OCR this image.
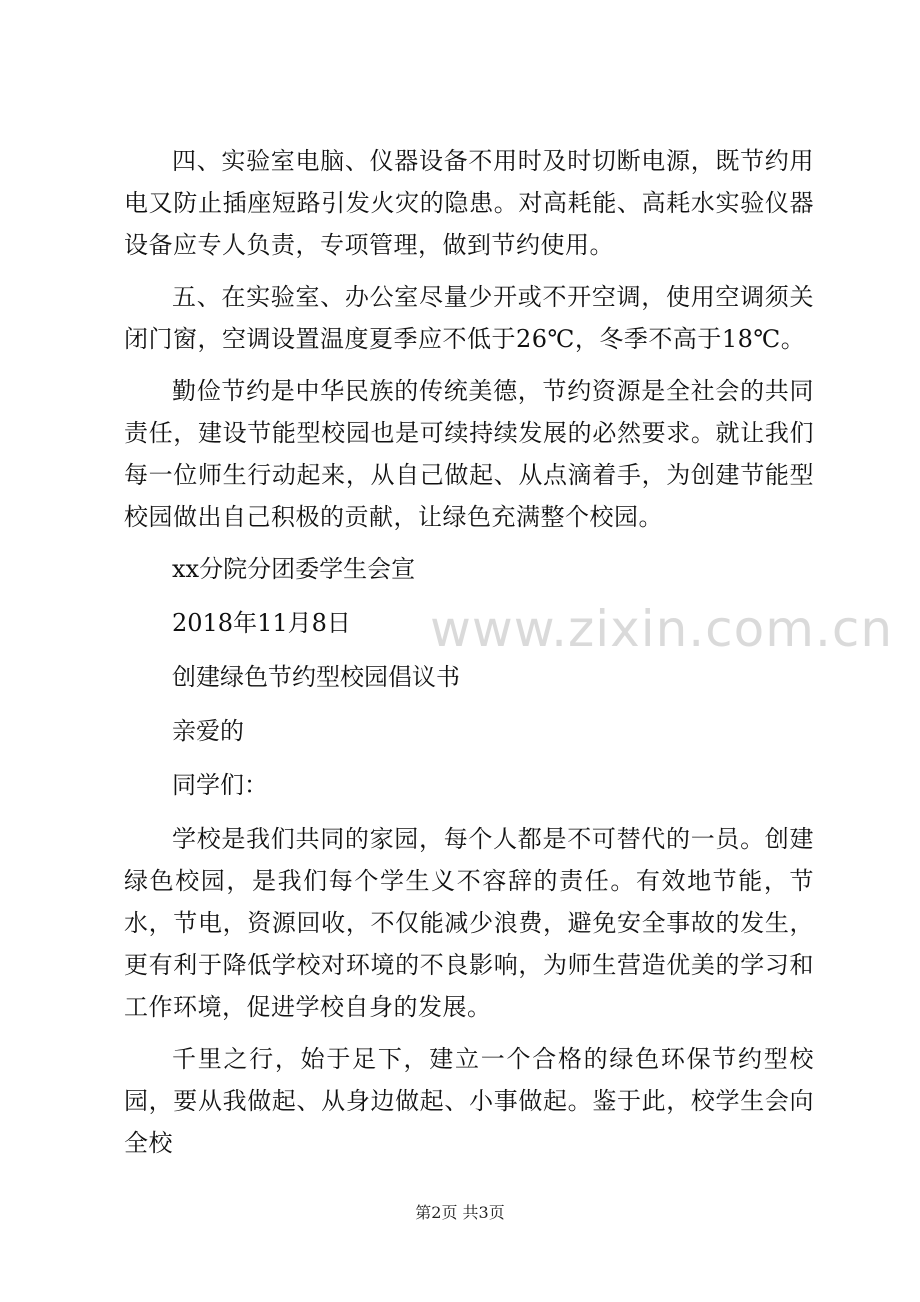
四、实验室电脑、仪器设备不用时及时切断电源，既节约用电又防止插座短路引发火灾的隐患。对高耗能、高耗水实验仪器设备应专人负责，专项管理，做到节约使用。

五、在实验室、办公室尽量少开或不开空调，使用空调须关闭门窗，空调设置温度夏季应不低于26℃，冬季不高于18℃。

勤俭节约是中华民族的传统美德，节约资源是全社会的共同责任，建设节能型校园也是可续持续发展的必然要求。就让我们每一位师生行动起来，从自己做起、从点滴着手，为创建节能型校园做出自己积极的贡献，让绿色充满整个校园。

xx分院分团委学生会宣
2018年11月8日
创建绿色节约型校园倡议书
亲爱的
同学们：

学校是我们共同的家园，每个人都是不可替代的一员。创建绿色校园，是我们每个学生义不容辞的责任。有效地节能，节水，节电，资源回收，不仅能减少浪费，避免安全事故的发生，更有利于降低学校对环境的不良影响，为师生营造优美的学习和工作环境，促进学校自身的发展。

千里之行，始于足下，建立一个合格的绿色环保节约型校园，要从我做起、从身边做起、小事做起。鉴于此，校学生会向全校

www.zixin.com.cn
第2页 共3页
